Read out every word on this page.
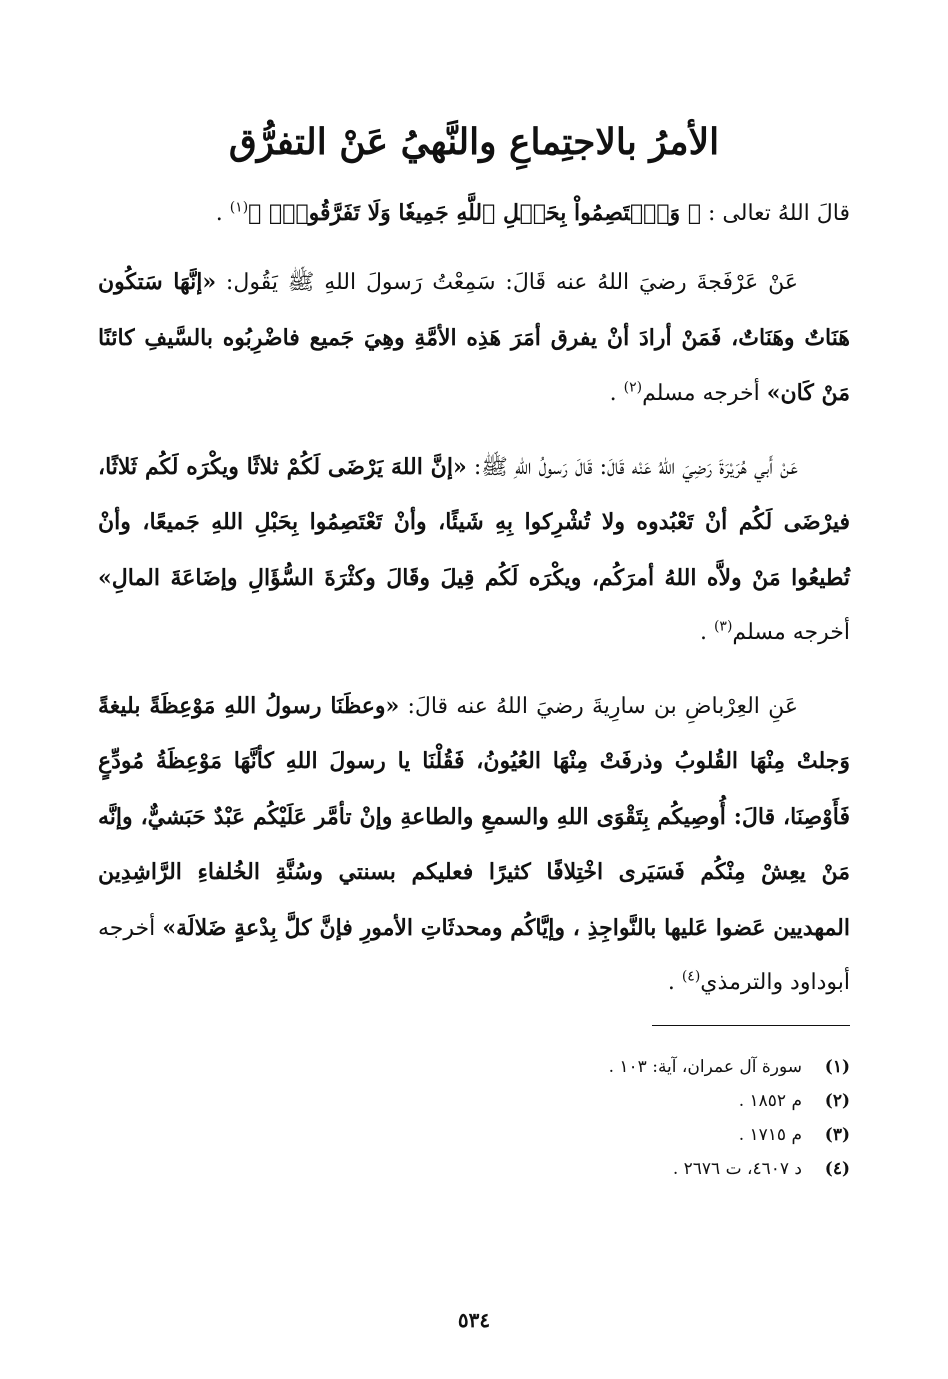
الأمرُ بالاجتِماعِ والنَّهيُ عَنْ التفرُّق
قالَ اللهُ تعالى : ﴿ وَٱعۡتَصِمُواْ بِحَبۡلِ ٱللَّهِ جَمِيعٗا وَلَا تَفَرَّقُواْۚ ﴾$^{(١)}$ .

عَنْ عَرْفَجةَ رضيَ اللهُ عنه قَالَ: سَمِعْتُ رَسولَ اللهِ ﷺ يَقُول: «إنَّهَا سَتكُون هَنَاتٌ وهَنَاتٌ، فَمَنْ أرادَ أنْ يفرق أمَرَ هَذِه الأمَّةِ وهِيَ جَميع فاضْرِبُوه بالسَّيفِ كائنًا مَنْ كَان» أخرجه مسلم$^{(٢)}$ .

عَنْ أَبي هُرَيْرَةَ رَضِيَ اللهُ عَنْه قَالَ: قَالَ رَسولُ اللهِ ﷺ: «إنَّ اللهَ يَرْضَى لَكُمْ ثلاثًا ويكْرَه لَكُم ثَلاثًا، فيرْضَى لَكُم أنْ تَعْبُدوه ولا تُشْرِكوا بِهِ شَيئًا، وأنْ تَعْتَصِمُوا بِحَبْلِ اللهِ جَميعًا، وأنْ تُطيعُوا مَنْ ولاَّه اللهُ أمرَكُم، ويكْرَه لَكُم قِيلَ وقَالَ وكثْرَةَ السُّؤَالِ وإضَاعَةَ المالِ» أخرجه مسلم$^{(٣)}$ .

عَنِ العِرْباضِ بن سارِيةَ رضيَ اللهُ عنه قالَ: «وعظَنَا رسولُ اللهِ مَوْعِظَةً بليغةً وَجلتْ مِنْهَا القُلوبُ وذرفَتْ مِنْهَا العُيُونُ، فَقُلْنَا يا رسولَ اللهِ كأنَّهَا مَوْعِظَةُ مُودِّعٍ فَأَوْصِنَا، قالَ: أُوصِيكُم بِتَقْوَى اللهِ والسمعِ والطاعةِ وإنْ تأمَّر عَلَيْكُم عَبْدٌ حَبَشيٌّ، وإنَّه مَنْ يعِشْ مِنْكُم فَسَيَرى اخْتِلافًا كثيرًا فعليكم بسنتي وسُنَّةِ الخُلفاءِ الرَّاشِدِين المهديين عَضوا عَليها بالنَّواجِذِ ، وإيَّاكُم ومحدثَاتِ الأمورِ فإنَّ كلَّ بِدْعةٍ ضَلالَة» أخرجه أبوداود والترمذي$^{(٤)}$ .

(١)
سورة آل عمران، آية: ١٠٣ .
(٢)
م ١٨٥٢ .
(٣)
م ١٧١٥ .
(٤)
د ٤٦٠٧، ت ٢٦٧٦ .
٥٣٤
